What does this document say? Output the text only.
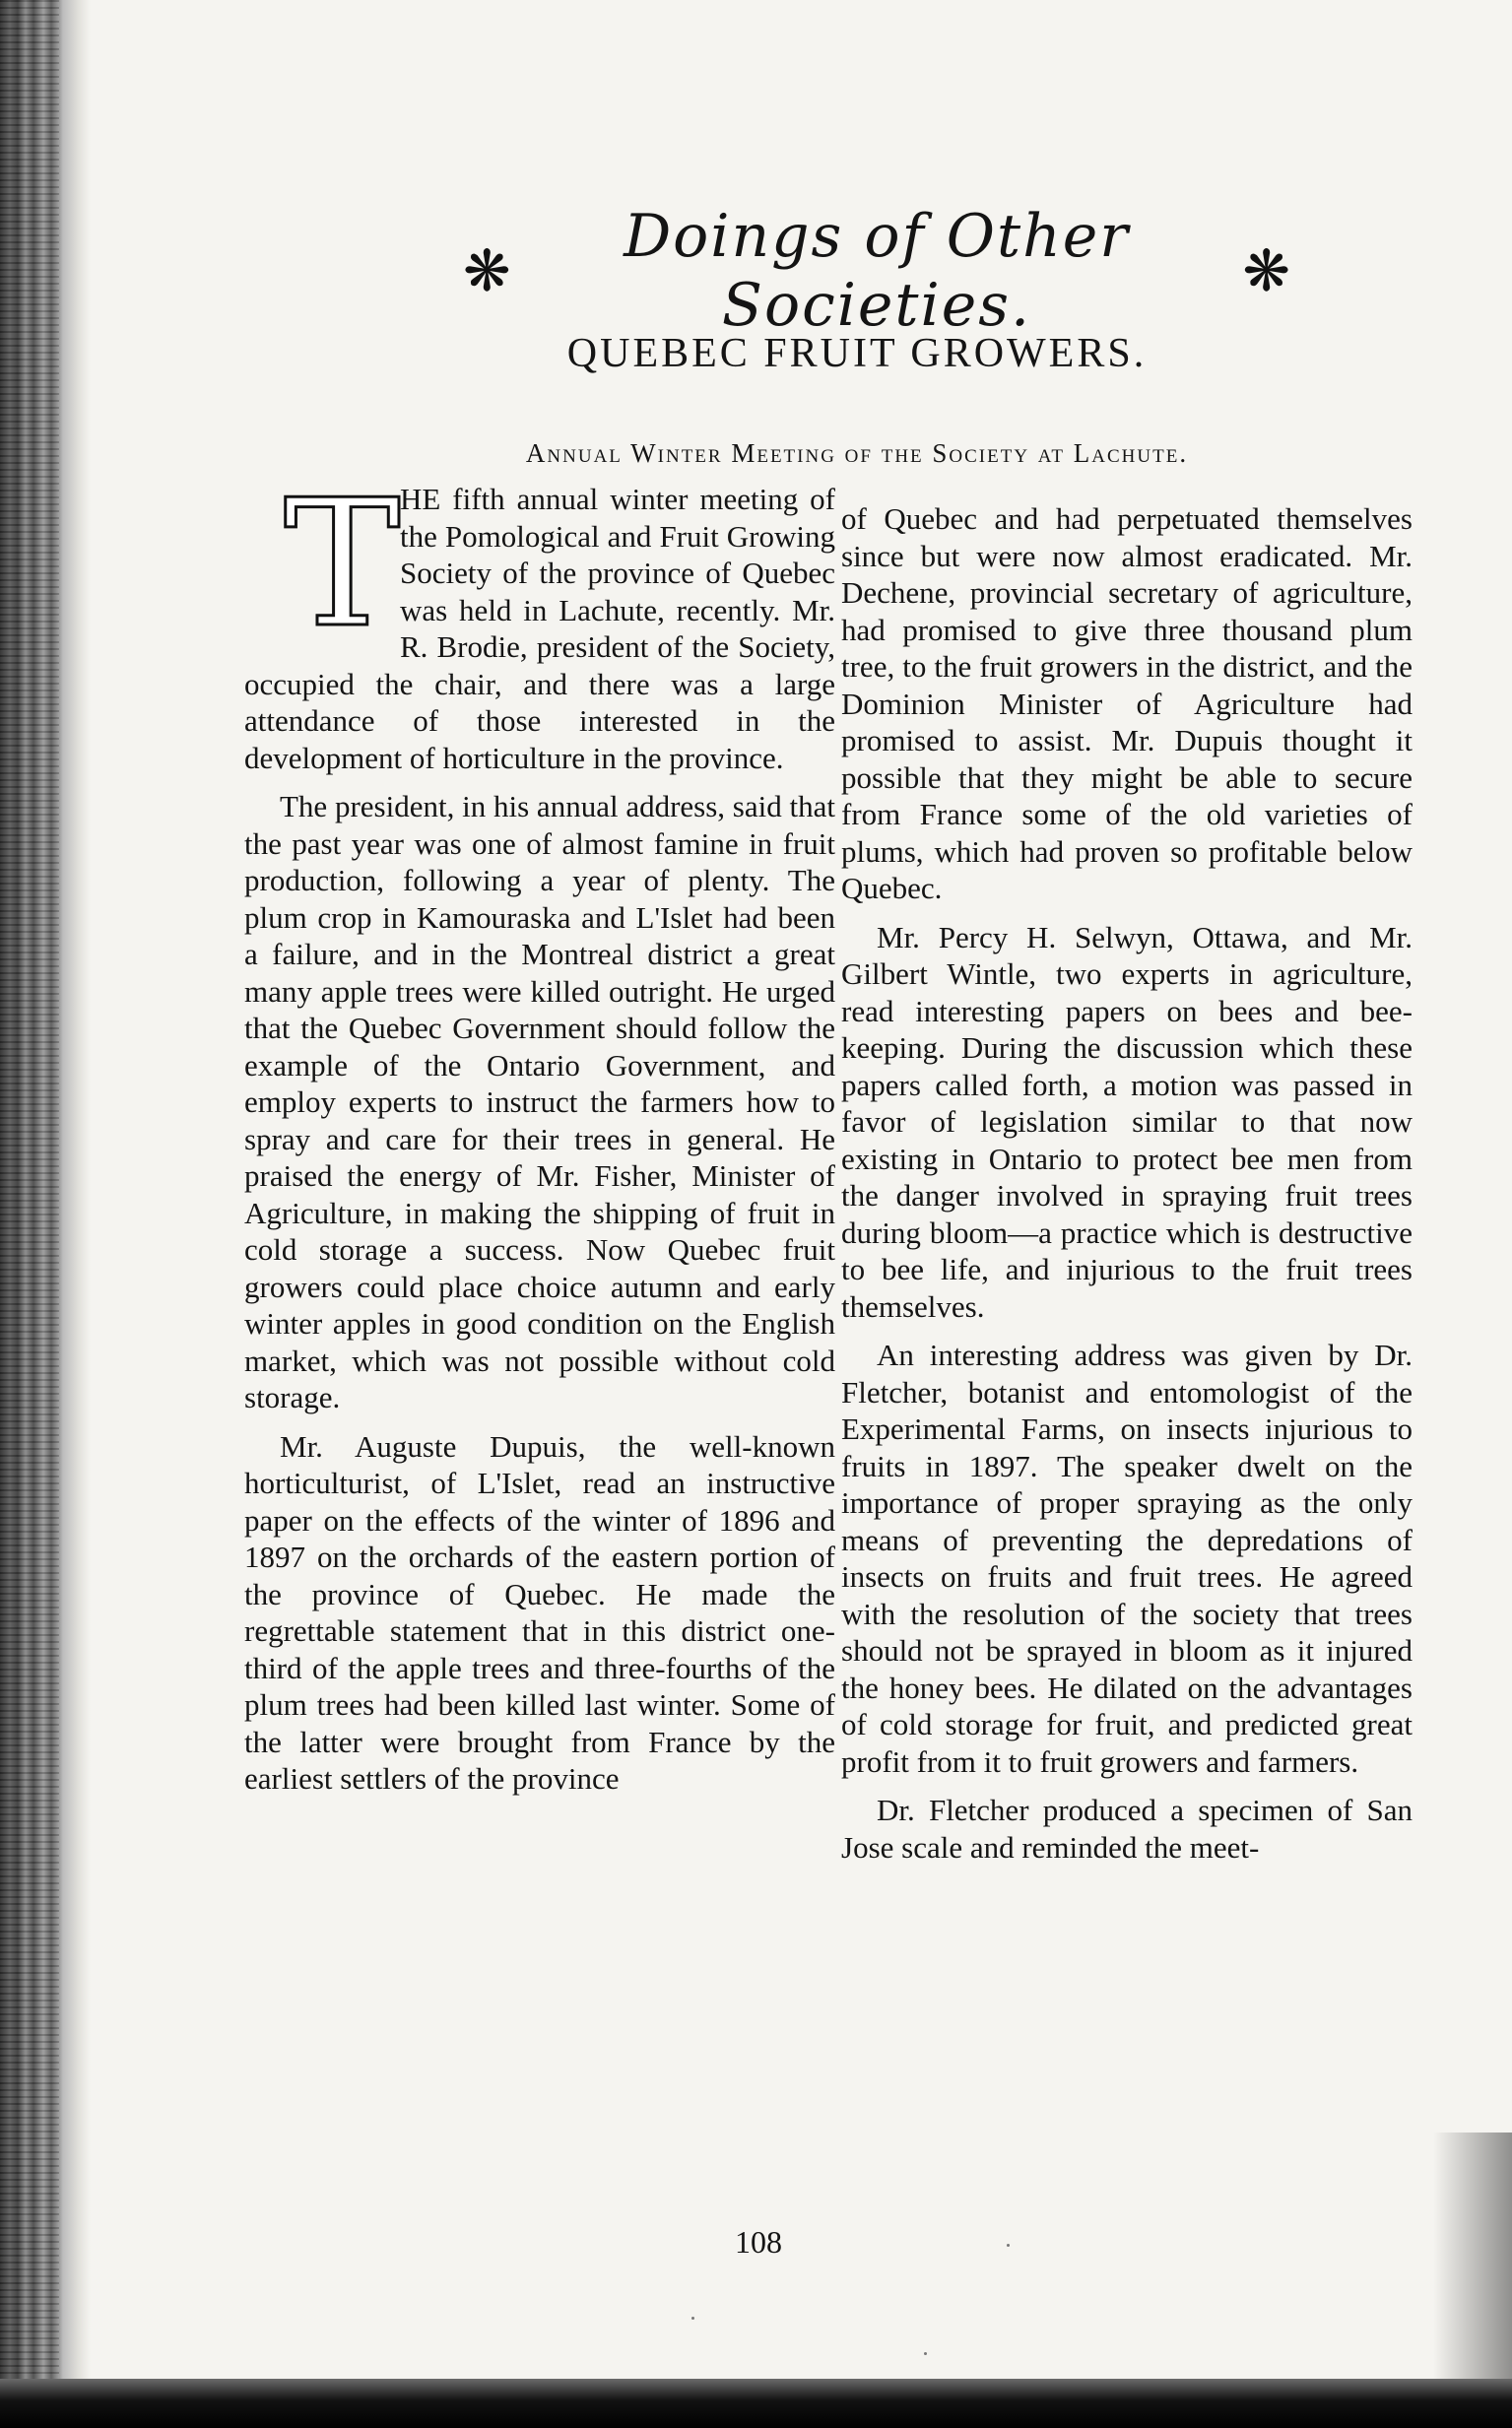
❋	Doings of Other Societies.	❋
QUEBEC FRUIT GROWERS.
Annual Winter Meeting of the Society at Lachute.

THE fifth annual winter meeting of the Pomological and Fruit Growing Society of the province of Quebec was held in Lachute, recently. Mr. R. Brodie, president of the Society, occupied the chair, and there was a large attendance of those interested in the development of horticulture in the province.

The president, in his annual address, said that the past year was one of almost famine in fruit production, following a year of plenty. The plum crop in Kamouraska and L'Islet had been a failure, and in the Montreal district a great many apple trees were killed outright. He urged that the Quebec Government should follow the example of the Ontario Government, and employ experts to instruct the farmers how to spray and care for their trees in general. He praised the energy of Mr. Fisher, Minister of Agriculture, in making the shipping of fruit in cold storage a success. Now Quebec fruit growers could place choice autumn and early winter apples in good condition on the English market, which was not possible without cold storage.

Mr. Auguste Dupuis, the well-known horticulturist, of L'Islet, read an instructive paper on the effects of the winter of 1896 and 1897 on the orchards of the eastern portion of the province of Quebec. He made the regrettable statement that in this district one-third of the apple trees and three-fourths of the plum trees had been killed last winter. Some of the latter were brought from France by the earliest settlers of the province

of Quebec and had perpetuated themselves since but were now almost eradicated. Mr. Dechene, provincial secretary of agriculture, had promised to give three thousand plum tree, to the fruit growers in the district, and the Dominion Minister of Agriculture had promised to assist. Mr. Dupuis thought it possible that they might be able to secure from France some of the old varieties of plums, which had proven so profitable below Quebec.

Mr. Percy H. Selwyn, Ottawa, and Mr. Gilbert Wintle, two experts in agriculture, read interesting papers on bees and bee-keeping. During the discussion which these papers called forth, a motion was passed in favor of legislation similar to that now existing in Ontario to protect bee men from the danger involved in spraying fruit trees during bloom—a practice which is destructive to bee life, and injurious to the fruit trees themselves.

An interesting address was given by Dr. Fletcher, botanist and entomologist of the Experimental Farms, on insects injurious to fruits in 1897. The speaker dwelt on the importance of proper spraying as the only means of preventing the depredations of insects on fruits and fruit trees. He agreed with the resolution of the society that trees should not be sprayed in bloom as it injured the honey bees. He dilated on the advantages of cold storage for fruit, and predicted great profit from it to fruit growers and farmers.

Dr. Fletcher produced a specimen of San Jose scale and reminded the meet-

108
